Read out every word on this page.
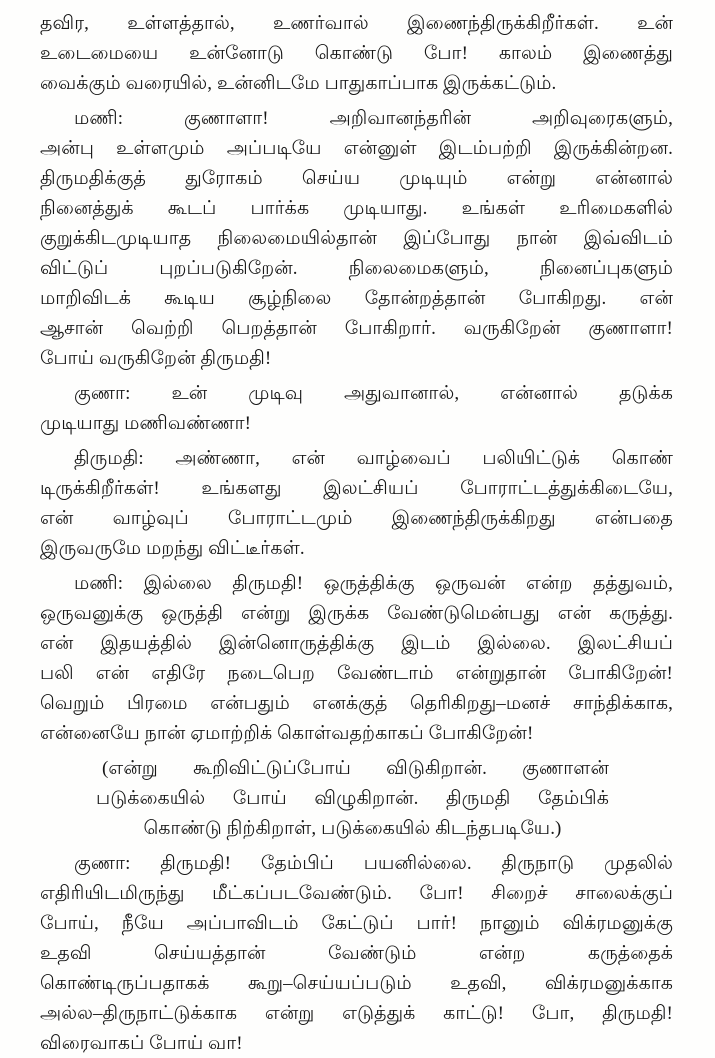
தவிர, உள்ளத்தால், உணர்வால் இணைந்திருக்கிறீர்கள். உன்
உடைமையை உன்னோடு கொண்டு போ! காலம் இணைத்து
வைக்கும் வரையில், உன்னிடமே பாதுகாப்பாக இருக்கட்டும்.

மணி: குணாளா! அறிவானந்தரின் அறிவுரைகளும்,
அன்பு உள்ளமும் அப்படியே என்னுள் இடம்பற்றி இருக்கின்றன.
திருமதிக்குத் துரோகம் செய்ய முடியும் என்று என்னால்
நினைத்துக் கூடப் பார்க்க முடியாது. உங்கள் உரிமைகளில்
குறுக்கிடமுடியாத நிலைமையில்தான் இப்போது நான் இவ்விடம்
விட்டுப் புறப்படுகிறேன். நிலைமைகளும், நினைப்புகளும்
மாறிவிடக் கூடிய சூழ்நிலை தோன்றத்தான் போகிறது. என்
ஆசான் வெற்றி பெறத்தான் போகிறார். வருகிறேன் குணாளா!
போய் வருகிறேன் திருமதி!

குணா: உன் முடிவு அதுவானால், என்னால் தடுக்க
முடியாது மணிவண்ணா!

திருமதி: அண்ணா, என் வாழ்வைப் பலியிட்டுக் கொண்
டிருக்கிறீர்கள்! உங்களது இலட்சியப் போராட்டத்துக்கிடையே,
என் வாழ்வுப் போராட்டமும் இணைந்திருக்கிறது என்பதை
இருவருமே மறந்து விட்டீர்கள்.

மணி: இல்லை திருமதி! ஒருத்திக்கு ஒருவன் என்ற தத்துவம்,
ஒருவனுக்கு ஒருத்தி என்று இருக்க வேண்டுமென்பது என் கருத்து.
என் இதயத்தில் இன்னொருத்திக்கு இடம் இல்லை. இலட்சியப்
பலி என் எதிரே நடைபெற வேண்டாம் என்றுதான் போகிறேன்!
வெறும் பிரமை என்பதும் எனக்குத் தெரிகிறது–மனச் சாந்திக்காக,
என்னையே நான் ஏமாற்றிக் கொள்வதற்காகப் போகிறேன்!

(என்று கூறிவிட்டுப்போய் விடுகிறான். குணாளன்
படுக்கையில் போய் விழுகிறான். திருமதி தேம்பிக்
கொண்டு நிற்கிறாள், படுக்கையில் கிடந்தபடியே.)

குணா: திருமதி! தேம்பிப் பயனில்லை. திருநாடு முதலில்
எதிரியிடமிருந்து மீட்கப்படவேண்டும். போ! சிறைச் சாலைக்குப்
போய், நீயே அப்பாவிடம் கேட்டுப் பார்! நானும் விக்ரமனுக்கு
உதவி செய்யத்தான் வேண்டும் என்ற கருத்தைக்
கொண்டிருப்பதாகக் கூறு–செய்யப்படும் உதவி, விக்ரமனுக்காக
அல்ல–திருநாட்டுக்காக என்று எடுத்துக் காட்டு! போ, திருமதி!
விரைவாகப் போய் வா!
